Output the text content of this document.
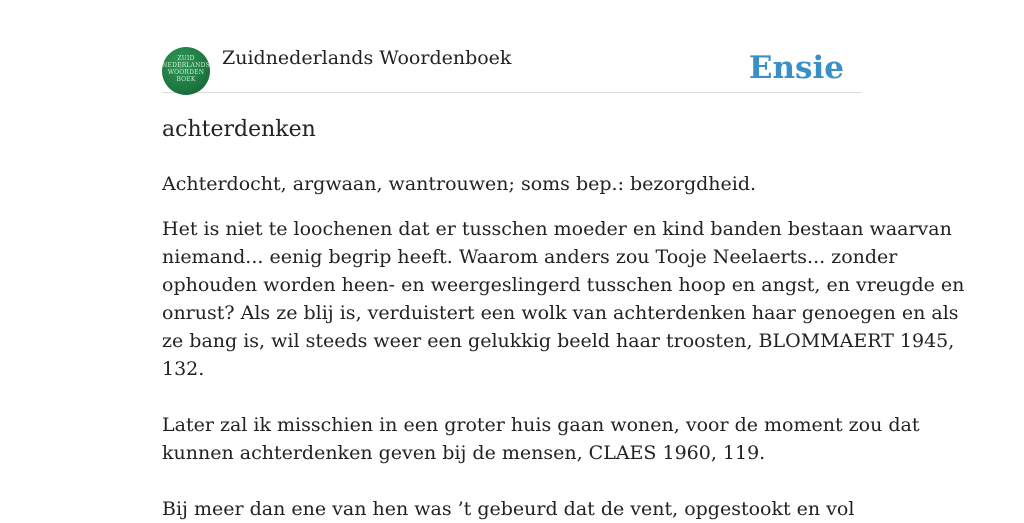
ZUID
NEDERLANDS
WOORDEN
BOEK
Zuidnederlands Woordenboek	Ensie
achterdenken
Achterdocht, argwaan, wantrouwen; soms bep.: bezorgdheid.
Het is niet te loochenen dat er tusschen moeder en kind banden bestaan waarvan
niemand... eenig begrip heeft. Waarom anders zou Tooje Neelaerts... zonder
ophouden worden heen- en weergeslingerd tusschen hoop en angst, en vreugde en
onrust? Als ze blij is, verduistert een wolk van achterdenken haar genoegen en als
ze bang is, wil steeds weer een gelukkig beeld haar troosten, BLOMMAERT 1945,
132.
Later zal ik misschien in een groter huis gaan wonen, voor de moment zou dat
kunnen achterdenken geven bij de mensen, CLAES 1960, 119.
Bij meer dan ene van hen was ’t gebeurd dat de vent, opgestookt en vol
